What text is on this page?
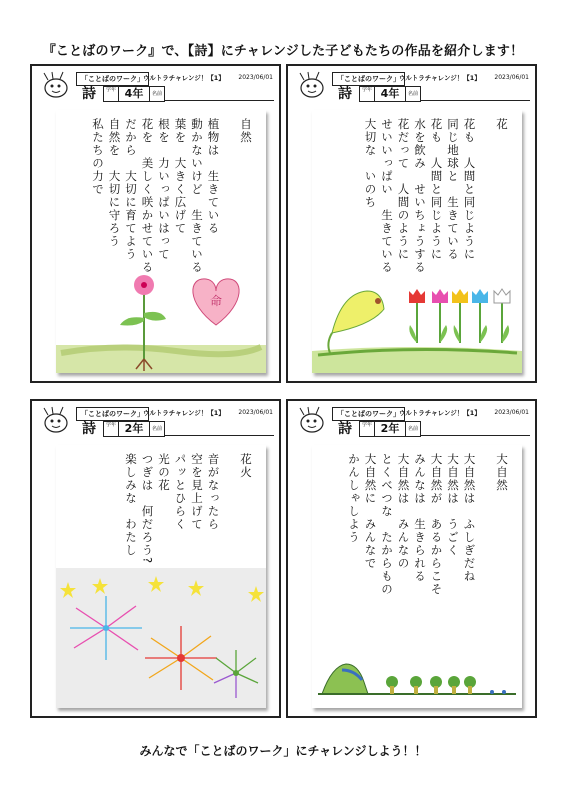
『ことばのワーク』で、【詩】にチャレンジした子どもたちの作品を紹介します！
「ことばのワーク」 ウルトラチャレンジ！【1】 2023/06/01
詩	学年 4年	名前
自然
植物は　生きている
動かないけど　生きている
葉を　大きく広げて
根を　力いっぱいはって
花を　美しく咲かせている
だから　大切に育てよう
自然を　大切に守ろう
私たちの力で
命
「ことばのワーク」 ウルトラチャレンジ！【1】 2023/06/01
詩	学年 4年	名前
花
花も　人間と同じように
同じ地球と　生きている
花も　人間と同じように
水を飲み　せいちょうする
花だって　人間のように
せいいっぱい　生きている
大切な　いのち
「ことばのワーク」 ウルトラチャレンジ！【1】 2023/06/01
詩	学年 2年	名前
花火
音がなったら
空を見上げて
パッとひらく
光の花
つぎは　何だろう?
楽しみな　わたし
「ことばのワーク」 ウルトラチャレンジ！【1】 2023/06/01
詩	学年 2年	名前
大自然
大自然は　ふしぎだね
大自然は　うごく
大自然が　あるからこそ
みんなは　生きられる
大自然は　みんなの
とくべつな　たからもの
大自然に　みんなで
かんしゃしよう
みんなで「ことばのワーク」にチャレンジしよう！！
